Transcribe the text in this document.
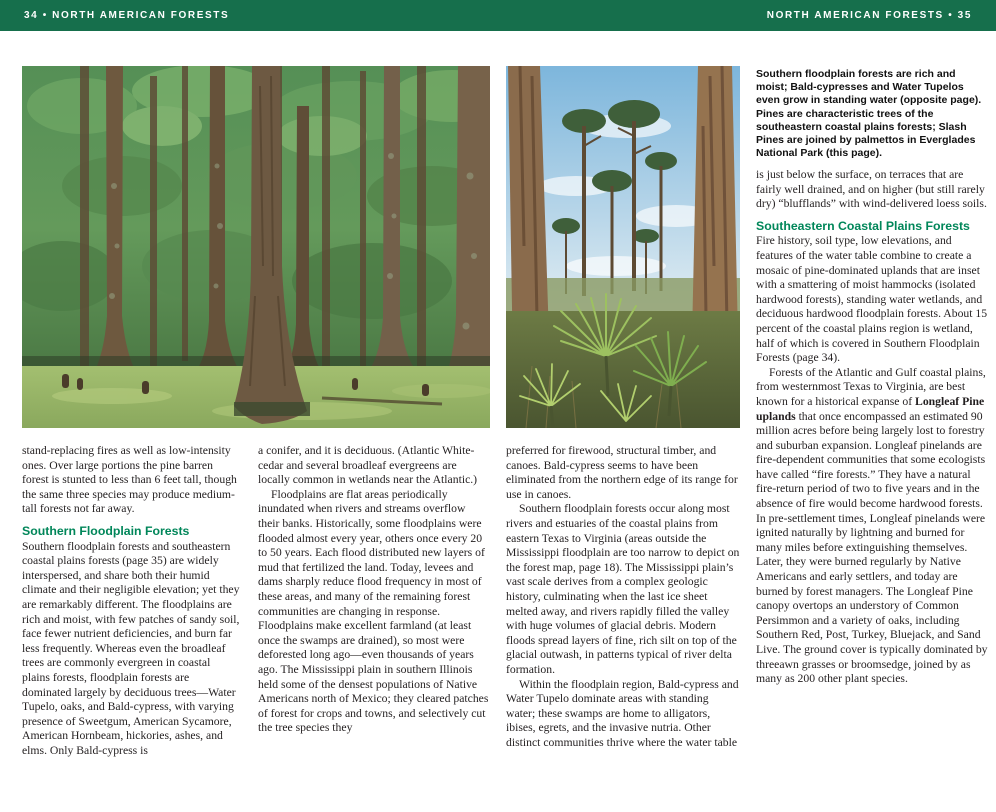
34 • NORTH AMERICAN FORESTS	NORTH AMERICAN FORESTS • 35
Southern floodplain forests are rich and moist; Bald-cypresses and Water Tupelos even grow in standing water (opposite page). Pines are characteristic trees of the southeastern coastal plains forests; Slash Pines are joined by palmettos in Everglades National Park (this page).

stand-replacing fires as well as low-intensity ones. Over large portions the pine barren forest is stunted to less than 6 feet tall, though the same three species may produce medium-tall forests not far away.

Southern Floodplain Forests

Southern floodplain forests and southeastern coastal plains forests (page 35) are widely interspersed, and share both their humid climate and their negligible elevation; yet they are remarkably different. The floodplains are rich and moist, with few patches of sandy soil, face fewer nutrient deficiencies, and burn far less frequently. Whereas even the broadleaf trees are commonly evergreen in coastal plains forests, floodplain forests are dominated largely by deciduous trees—Water Tupelo, oaks, and Bald-cypress, with varying presence of Sweetgum, American Sycamore, American Hornbeam, hickories, ashes, and elms. Only Bald-cypress is

a conifer, and it is deciduous. (Atlantic White-cedar and several broadleaf evergreens are locally common in wetlands near the Atlantic.)

Floodplains are flat areas periodically inundated when rivers and streams overflow their banks. Historically, some floodplains were flooded almost every year, others once every 20 to 50 years. Each flood distributed new layers of mud that fertilized the land. Today, levees and dams sharply reduce flood frequency in most of these areas, and many of the remaining forest communities are changing in response. Floodplains make excellent farmland (at least once the swamps are drained), so most were deforested long ago—even thousands of years ago. The Mississippi plain in southern Illinois held some of the densest populations of Native Americans north of Mexico; they cleared patches of forest for crops and towns, and selectively cut the tree species they

preferred for firewood, structural timber, and canoes. Bald-cypress seems to have been eliminated from the northern edge of its range for use in canoes.

Southern floodplain forests occur along most rivers and estuaries of the coastal plains from eastern Texas to Virginia (areas outside the Mississippi floodplain are too narrow to depict on the forest map, page 18). The Mississippi plain’s vast scale derives from a complex geologic history, culminating when the last ice sheet melted away, and rivers rapidly filled the valley with huge volumes of glacial debris. Modern floods spread layers of fine, rich silt on top of the glacial outwash, in patterns typical of river delta formation.

Within the floodplain region, Bald-cypress and Water Tupelo dominate areas with standing water; these swamps are home to alligators, ibises, egrets, and the invasive nutria. Other distinct communities thrive where the water table

is just below the surface, on terraces that are fairly well drained, and on higher (but still rarely dry) “blufflands” with wind-delivered loess soils.

Southeastern Coastal Plains Forests

Fire history, soil type, low elevations, and features of the water table combine to create a mosaic of pine-dominated uplands that are inset with a smattering of moist hammocks (isolated hardwood forests), standing water wetlands, and deciduous hardwood floodplain forests. About 15 percent of the coastal plains region is wetland, half of which is covered in Southern Floodplain Forests (page 34).

Forests of the Atlantic and Gulf coastal plains, from westernmost Texas to Virginia, are best known for a historical expanse of Longleaf Pine uplands that once encompassed an estimated 90 million acres before being largely lost to forestry and suburban expansion. Longleaf pinelands are fire-dependent communities that some ecologists have called “fire forests.” They have a natural fire-return period of two to five years and in the absence of fire would become hardwood forests. In pre-settlement times, Longleaf pinelands were ignited naturally by lightning and burned for many miles before extinguishing themselves. Later, they were burned regularly by Native Americans and early settlers, and today are burned by forest managers. The Longleaf Pine canopy overtops an understory of Common Persimmon and a variety of oaks, including Southern Red, Post, Turkey, Bluejack, and Sand Live. The ground cover is typically dominated by threeawn grasses or broomsedge, joined by as many as 200 other plant species.
